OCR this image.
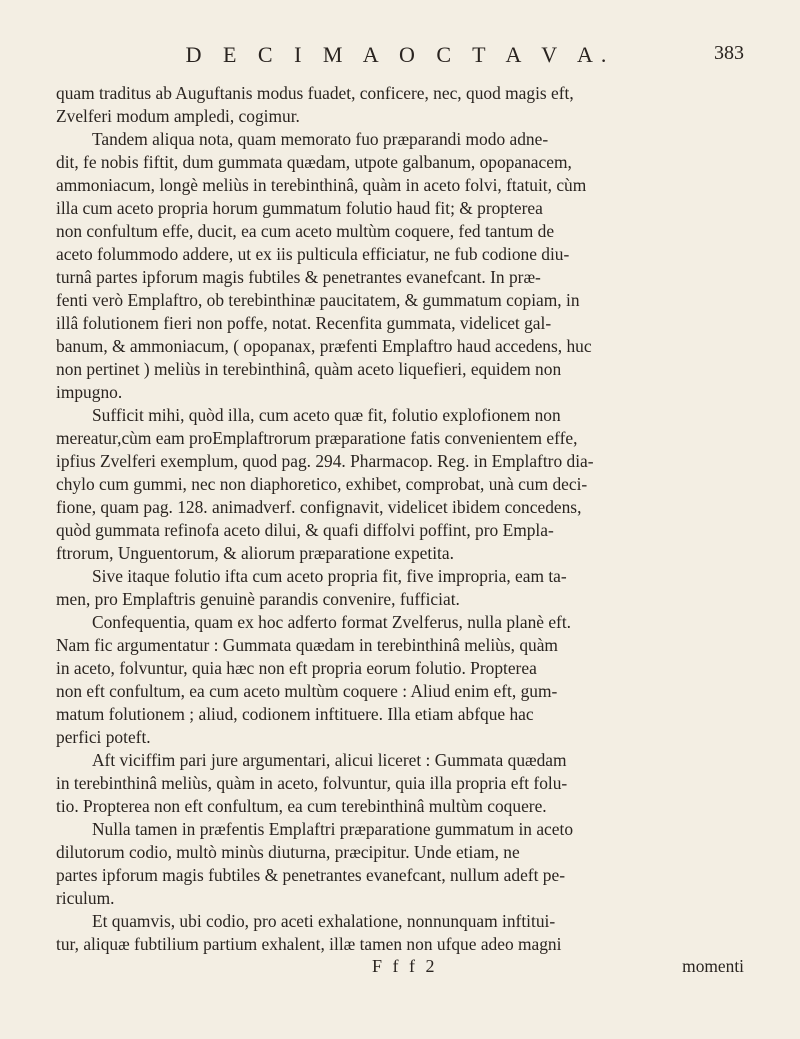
D E C I M A O C T A V A.	383
quam traditus ab Auguftanis modus fuadet, conficere, nec, quod magis eft,
Zvelferi modum ampledi, cogimur.
Tandem aliqua nota, quam memorato fuo præparandi modo adne-
dit, fe nobis fiftit, dum gummata quædam, utpote galbanum, opopanacem,
ammoniacum, longè meliùs in terebinthinâ, quàm in aceto folvi, ftatuit, cùm
illa cum aceto propria horum gummatum folutio haud fit; & propterea
non confultum effe, ducit, ea cum aceto multùm coquere, fed tantum de
aceto folummodo addere, ut ex iis pulticula efficiatur, ne fub codione diu-
turnâ partes ipforum magis fubtiles & penetrantes evanefcant. In præ-
fenti verò Emplaftro, ob terebinthinæ paucitatem, & gummatum copiam, in
illâ folutionem fieri non poffe, notat. Recenfita gummata, videlicet gal-
banum, & ammoniacum, ( opopanax, præfenti Emplaftro haud accedens, huc
non pertinet ) meliùs in terebinthinâ, quàm aceto liquefieri, equidem non
impugno.
Sufficit mihi, quòd illa, cum aceto quæ fit, folutio explofionem non
mereatur,cùm eam proEmplaftrorum præparatione fatis convenientem effe,
ipfius Zvelferi exemplum, quod pag. 294. Pharmacop. Reg. in Emplaftro dia-
chylo cum gummi, nec non diaphoretico, exhibet, comprobat, unà cum deci-
fione, quam pag. 128. animadverf. confignavit, videlicet ibidem concedens,
quòd gummata refinofa aceto dilui, & quafi diffolvi poffint, pro Empla-
ftrorum, Unguentorum, & aliorum præparatione expetita.
Sive itaque folutio ifta cum aceto propria fit, five impropria, eam ta-
men, pro Emplaftris genuinè parandis convenire, fufficiat.
Confequentia, quam ex hoc adferto format Zvelferus, nulla planè eft.
Nam fic argumentatur : Gummata quædam in terebinthinâ meliùs, quàm
in aceto, folvuntur, quia hæc non eft propria eorum folutio. Propterea
non eft confultum, ea cum aceto multùm coquere : Aliud enim eft, gum-
matum folutionem ; aliud, codionem inftituere. Illa etiam abfque hac
perfici poteft.
Aft viciffim pari jure argumentari, alicui liceret : Gummata quædam
in terebinthinâ meliùs, quàm in aceto, folvuntur, quia illa propria eft folu-
tio. Propterea non eft confultum, ea cum terebinthinâ multùm coquere.
Nulla tamen in præfentis Emplaftri præparatione gummatum in aceto
dilutorum codio, multò minùs diuturna, præcipitur. Unde etiam, ne
partes ipforum magis fubtiles & penetrantes evanefcant, nullum adeft pe-
riculum.
Et quamvis, ubi codio, pro aceti exhalatione, nonnunquam inftitui-
tur, aliquæ fubtilium partium exhalent, illæ tamen non ufque adeo magni
F f f 2	momenti
